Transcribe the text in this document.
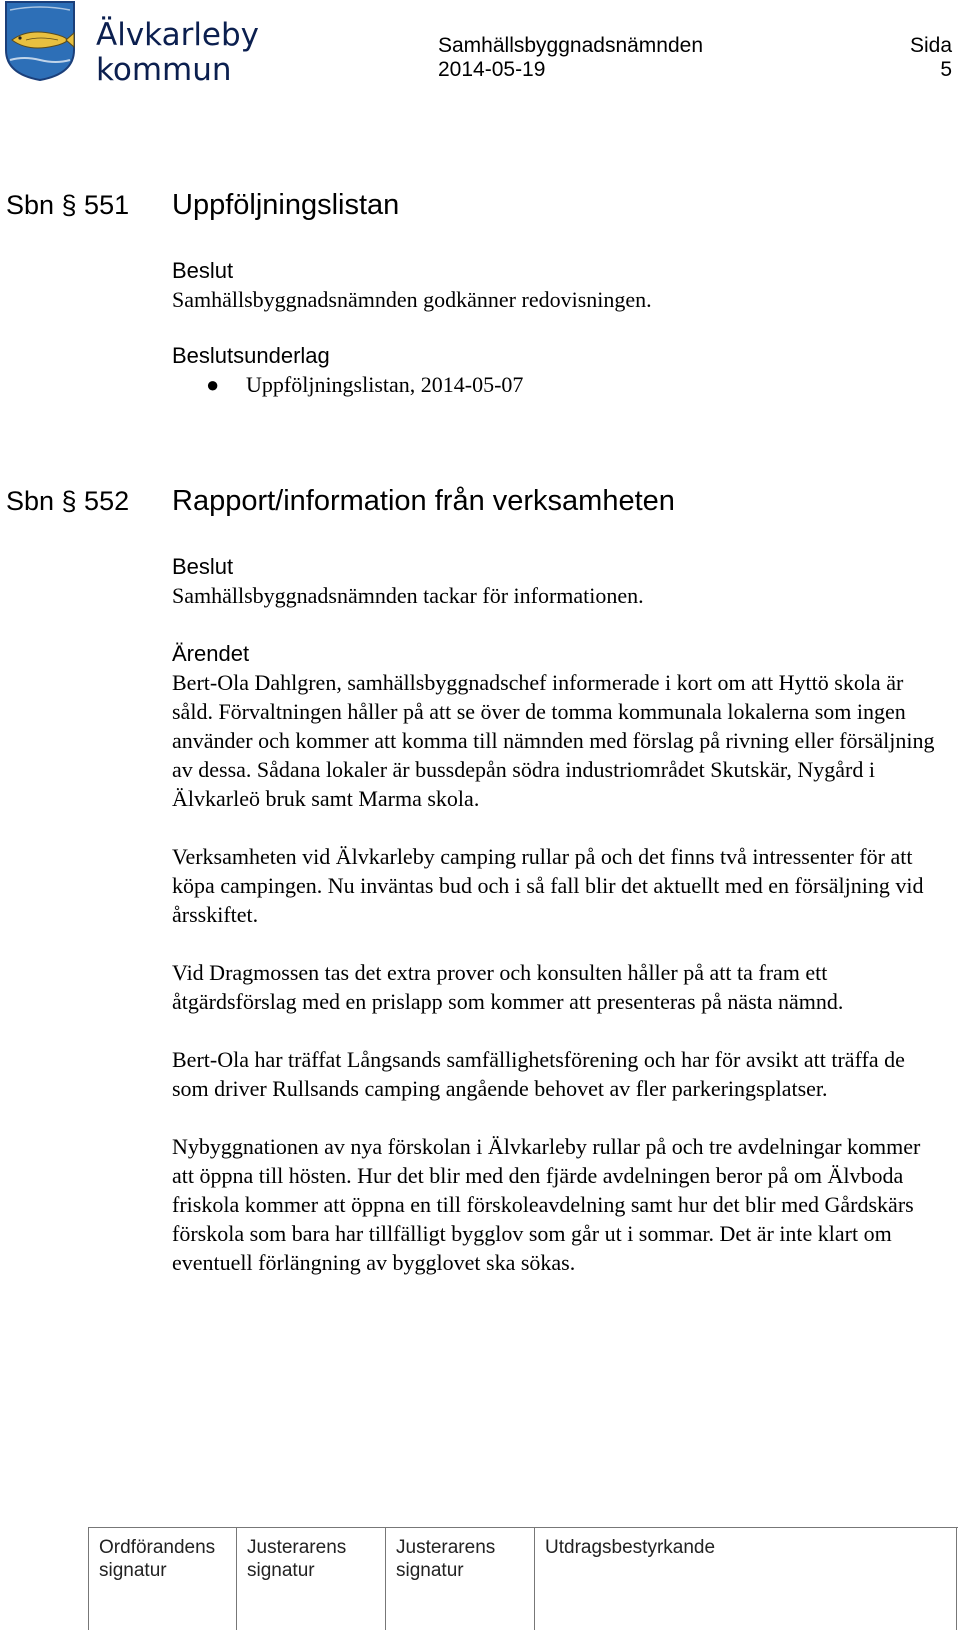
Älvkarleby
kommun
Samhällsbyggnadsnämnden
2014-05-19
Sida
5
Sbn § 551 Uppföljningslistan
Beslut

Samhällsbyggnadsnämnden godkänner redovisningen.

Beslutsunderlag
● Uppföljningslistan, 2014-05-07
Sbn § 552 Rapport/information från verksamheten
Beslut

Samhällsbyggnadsnämnden tackar för informationen.

Ärendet

Bert-Ola Dahlgren, samhällsbyggnadschef informerade i kort om att Hyttö skola är såld. Förvaltningen håller på att se över de tomma kommunala lokalerna som ingen använder och kommer att komma till nämnden med förslag på rivning eller försäljning av dessa. Sådana lokaler är bussdepån södra industriområdet Skutskär, Nygård i Älvkarleö bruk samt Marma skola.

Verksamheten vid Älvkarleby camping rullar på och det finns två intressenter för att köpa campingen. Nu inväntas bud och i så fall blir det aktuellt med en försäljning vid årsskiftet.

Vid Dragmossen tas det extra prover och konsulten håller på att ta fram ett åtgärdsförslag med en prislapp som kommer att presenteras på nästa nämnd.

Bert-Ola har träffat Långsands samfällighetsförening och har för avsikt att träffa de som driver Rullsands camping angående behovet av fler parkeringsplatser.

Nybyggnationen av nya förskolan i Älvkarleby rullar på och tre avdelningar kommer att öppna till hösten. Hur det blir med den fjärde avdelningen beror på om Älvboda friskola kommer att öppna en till förskoleavdelning samt hur det blir med Gårdskärs förskola som bara har tillfälligt bygglov som går ut i sommar. Det är inte klart om eventuell förlängning av bygglovet ska sökas.

Ordförandens
signatur
Justerarens
signatur
Justerarens
signatur
Utdragsbestyrkande
